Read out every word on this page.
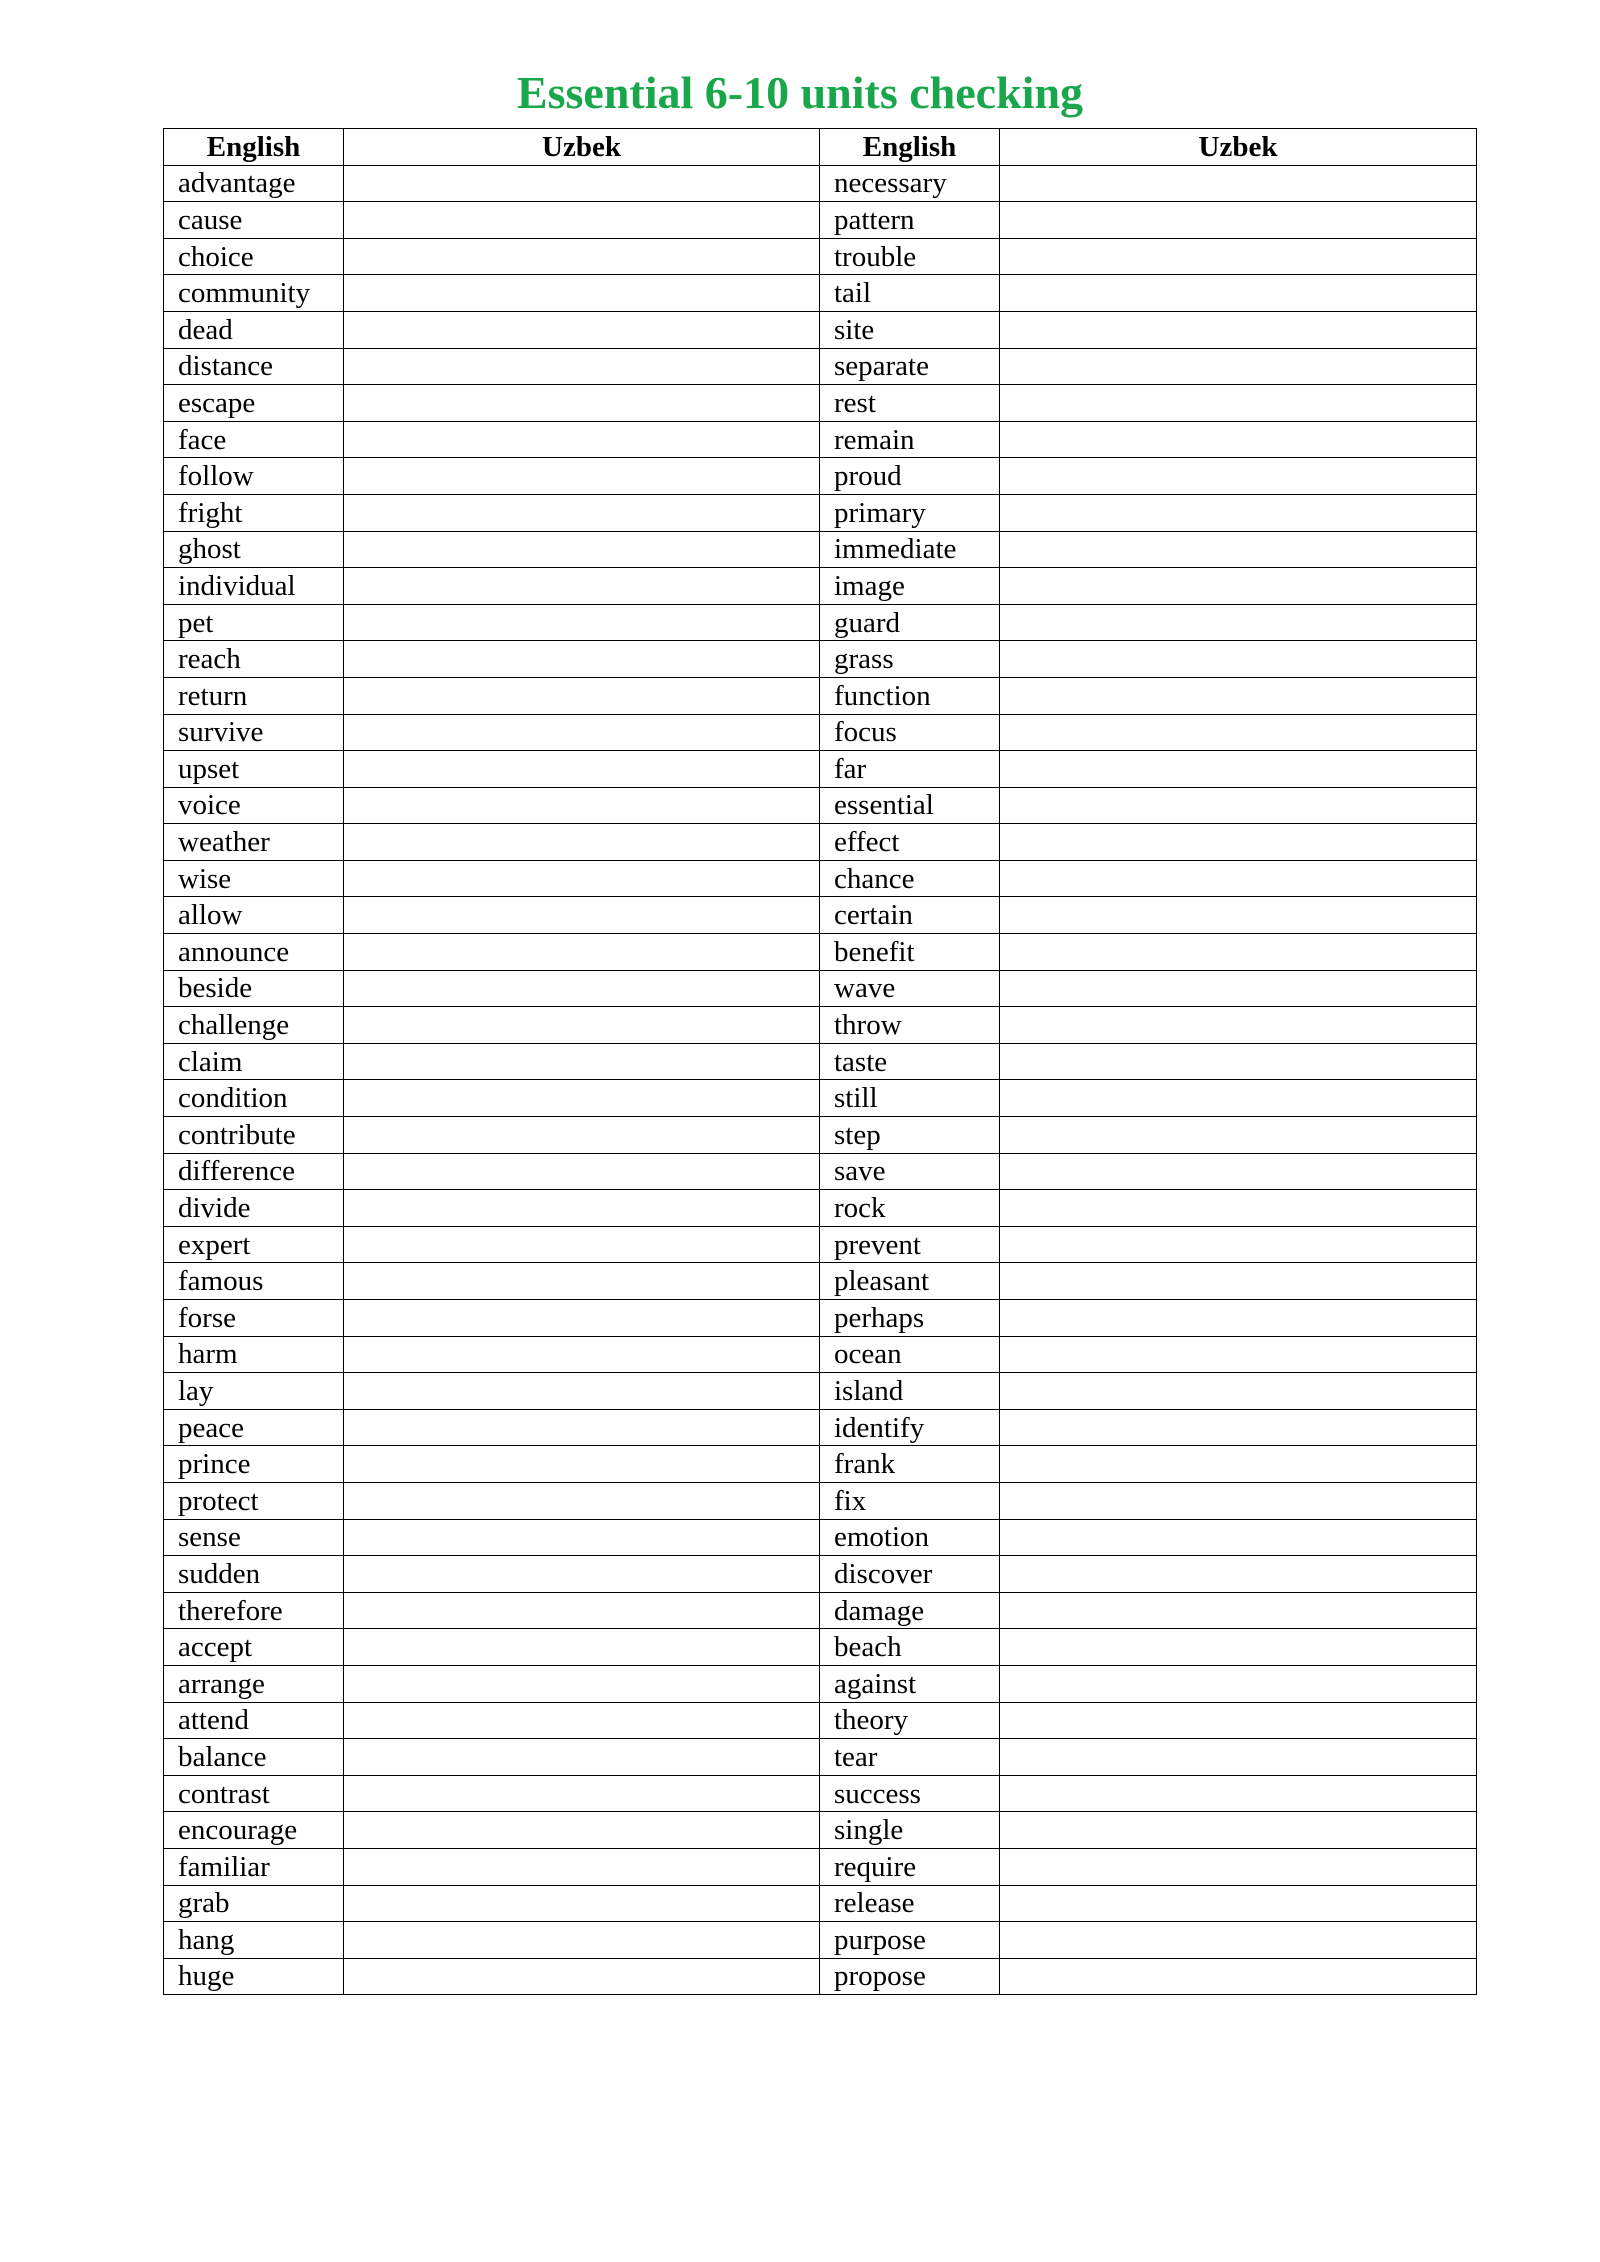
Essential 6-10 units checking
English	Uzbek	English	Uzbek
advantage		necessary	
cause		pattern	
choice		trouble	
community		tail	
dead		site	
distance		separate	
escape		rest	
face		remain	
follow		proud	
fright		primary	
ghost		immediate	
individual		image	
pet		guard	
reach		grass	
return		function	
survive		focus	
upset		far	
voice		essential	
weather		effect	
wise		chance	
allow		certain	
announce		benefit	
beside		wave	
challenge		throw	
claim		taste	
condition		still	
contribute		step	
difference		save	
divide		rock	
expert		prevent	
famous		pleasant	
forse		perhaps	
harm		ocean	
lay		island	
peace		identify	
prince		frank	
protect		fix	
sense		emotion	
sudden		discover	
therefore		damage	
accept		beach	
arrange		against	
attend		theory	
balance		tear	
contrast		success	
encourage		single	
familiar		require	
grab		release	
hang		purpose	
huge		propose	
